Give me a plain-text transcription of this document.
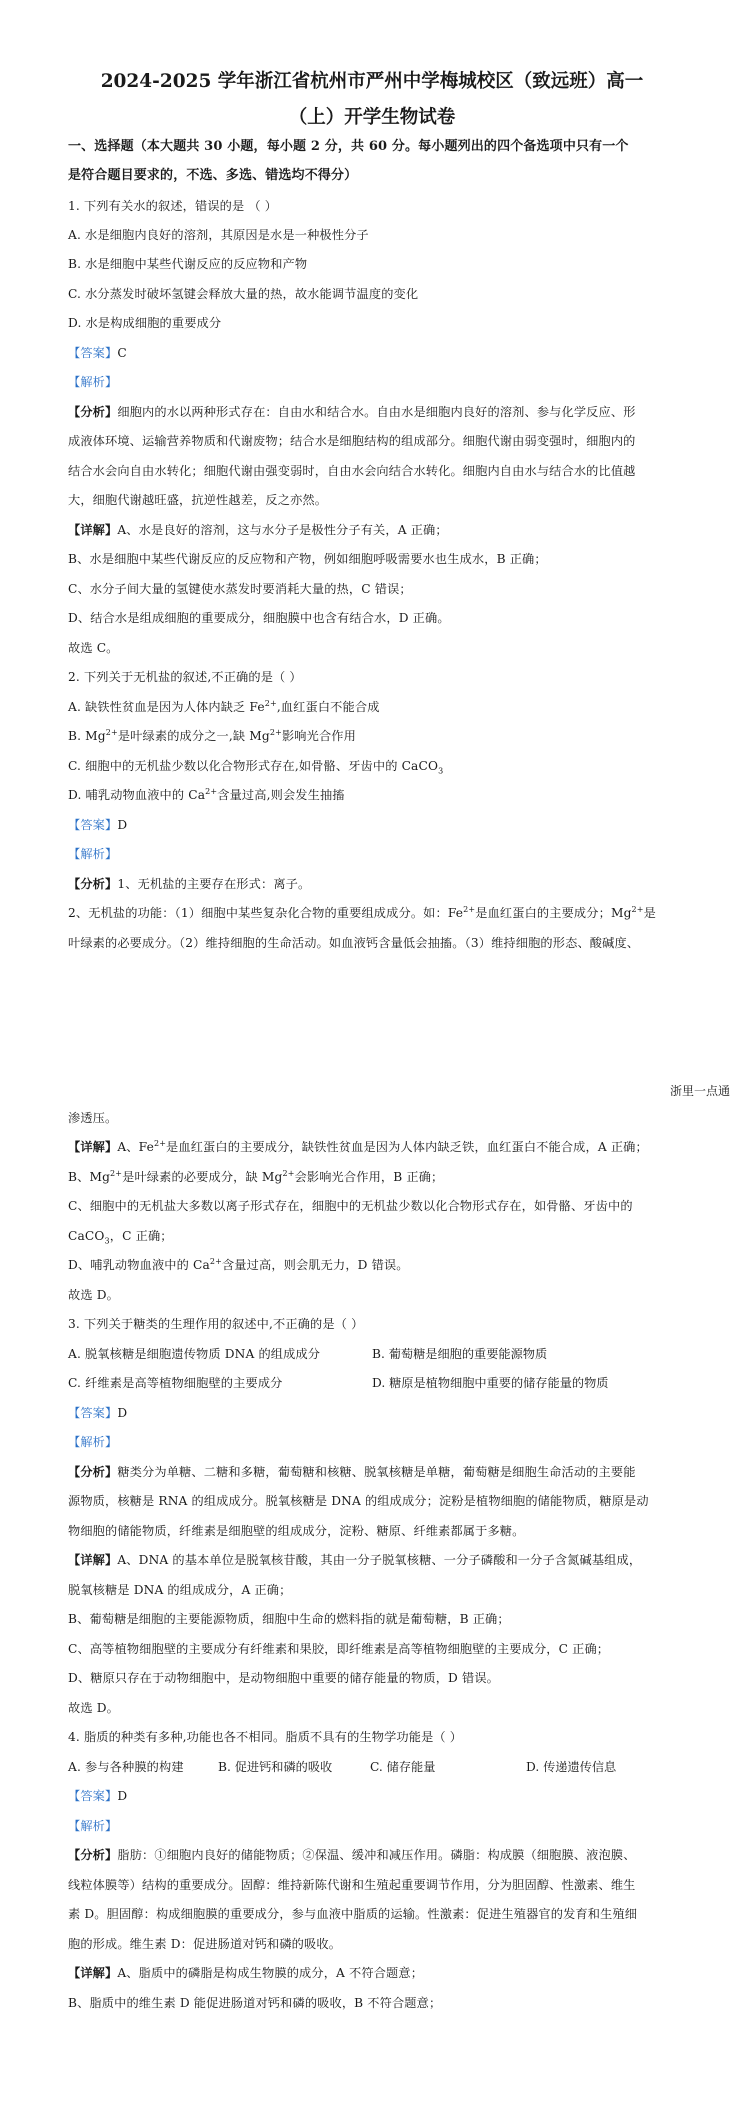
2024-2025 学年浙江省杭州市严州中学梅城校区（致远班）高一
（上）开学生物试卷
一、选择题（本大题共 30 小题，每小题 2 分，共 60 分。每小题列出的四个备选项中只有一个
是符合题目要求的，不选、多选、错选均不得分）
1. 下列有关水的叙述，错误的是 （ ）
A. 水是细胞内良好的溶剂，其原因是水是一种极性分子
B. 水是细胞中某些代谢反应的反应物和产物
C. 水分蒸发时破坏氢键会释放大量的热，故水能调节温度的变化
D. 水是构成细胞的重要成分
【答案】C
【解析】
【分析】细胞内的水以两种形式存在：自由水和结合水。自由水是细胞内良好的溶剂、参与化学反应、形
成液体环境、运输营养物质和代谢废物；结合水是细胞结构的组成部分。细胞代谢由弱变强时，细胞内的
结合水会向自由水转化；细胞代谢由强变弱时，自由水会向结合水转化。细胞内自由水与结合水的比值越
大，细胞代谢越旺盛，抗逆性越差，反之亦然。
【详解】A、水是良好的溶剂，这与水分子是极性分子有关，A 正确；
B、水是细胞中某些代谢反应的反应物和产物，例如细胞呼吸需要水也生成水，B 正确；
C、水分子间大量的氢键使水蒸发时要消耗大量的热，C 错误；
D、结合水是组成细胞的重要成分，细胞膜中也含有结合水，D 正确。
故选 C。
2. 下列关于无机盐的叙述,不正确的是（ ）
A. 缺铁性贫血是因为人体内缺乏 $Fe^{2+}$,血红蛋白不能合成
B. $Mg^{2+}$是叶绿素的成分之一,缺 $Mg^{2+}$影响光合作用
C. 细胞中的无机盐少数以化合物形式存在,如骨骼、牙齿中的 CaCO$_3$
D. 哺乳动物血液中的 $Ca^{2+}$含量过高,则会发生抽搐
【答案】D
【解析】
【分析】1、无机盐的主要存在形式：离子。
2、无机盐的功能：（1）细胞中某些复杂化合物的重要组成成分。如：$Fe^{2+}$是血红蛋白的主要成分；$Mg^{2+}$是
叶绿素的必要成分。（2）维持细胞的生命活动。如血液钙含量低会抽搐。（3）维持细胞的形态、酸碱度、
浙里一点通
渗透压。
【详解】A、$Fe^{2+}$是血红蛋白的主要成分，缺铁性贫血是因为人体内缺乏铁，血红蛋白不能合成，A 正确；
B、$Mg^{2+}$是叶绿素的必要成分，缺 $Mg^{2+}$会影响光合作用，B 正确；
C、细胞中的无机盐大多数以离子形式存在，细胞中的无机盐少数以化合物形式存在，如骨骼、牙齿中的
CaCO$_3$，C 正确；
D、哺乳动物血液中的 $Ca^{2+}$含量过高，则会肌无力，D 错误。
故选 D。
3. 下列关于糖类的生理作用的叙述中,不正确的是（ ）
A. 脱氧核糖是细胞遗传物质 DNA 的组成成分	B. 葡萄糖是细胞的重要能源物质
C. 纤维素是高等植物细胞壁的主要成分	D. 糖原是植物细胞中重要的储存能量的物质
【答案】D
【解析】
【分析】糖类分为单糖、二糖和多糖，葡萄糖和核糖、脱氧核糖是单糖，葡萄糖是细胞生命活动的主要能
源物质，核糖是 RNA 的组成成分。脱氧核糖是 DNA 的组成成分；淀粉是植物细胞的储能物质，糖原是动
物细胞的储能物质，纤维素是细胞壁的组成成分，淀粉、糖原、纤维素都属于多糖。
【详解】A、DNA 的基本单位是脱氧核苷酸，其由一分子脱氧核糖、一分子磷酸和一分子含氮碱基组成，
脱氧核糖是 DNA 的组成成分，A 正确；
B、葡萄糖是细胞的主要能源物质，细胞中生命的燃料指的就是葡萄糖，B 正确；
C、高等植物细胞壁的主要成分有纤维素和果胶，即纤维素是高等植物细胞壁的主要成分，C 正确；
D、糖原只存在于动物细胞中，是动物细胞中重要的储存能量的物质，D 错误。
故选 D。
4. 脂质的种类有多种,功能也各不相同。脂质不具有的生物学功能是（ ）
A. 参与各种膜的构建	B. 促进钙和磷的吸收	C. 储存能量	D. 传递遗传信息
【答案】D
【解析】
【分析】脂肪：①细胞内良好的储能物质；②保温、缓冲和减压作用。磷脂：构成膜（细胞膜、液泡膜、
线粒体膜等）结构的重要成分。固醇：维持新陈代谢和生殖起重要调节作用，分为胆固醇、性激素、维生
素 D。胆固醇：构成细胞膜的重要成分，参与血液中脂质的运输。性激素：促进生殖器官的发育和生殖细
胞的形成。维生素 D：促进肠道对钙和磷的吸收。
【详解】A、脂质中的磷脂是构成生物膜的成分，A 不符合题意；
B、脂质中的维生素 D 能促进肠道对钙和磷的吸收，B 不符合题意；
